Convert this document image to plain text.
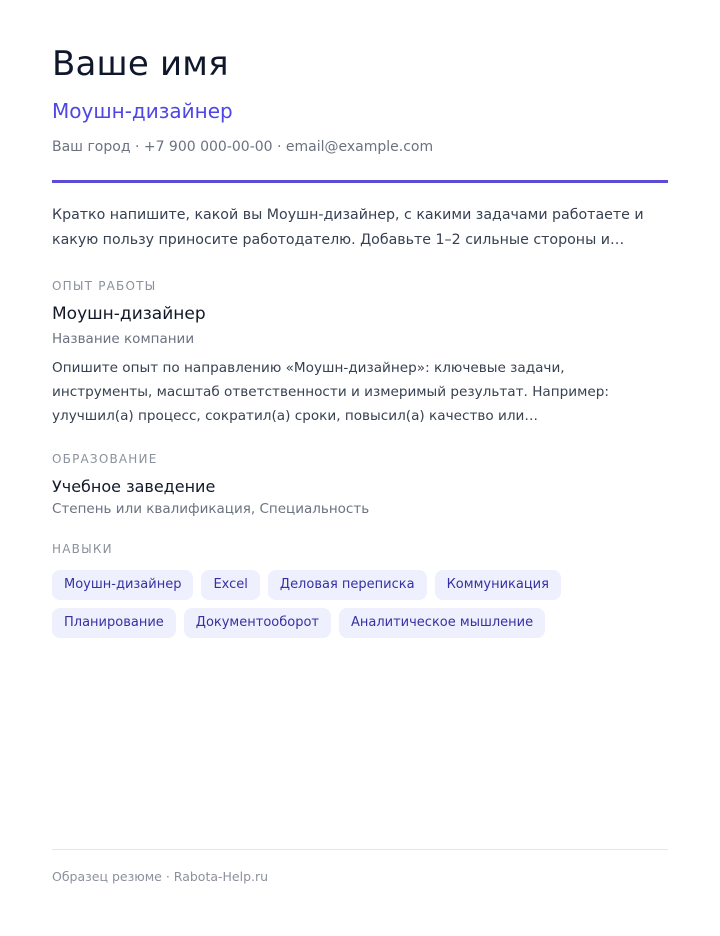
Ваше имя
Моушн-дизайнер
Ваш город · +7 900 000-00-00 · email@example.com
Кратко напишите, какой вы Моушн-дизайнер, с какими задачами работаете и какую пользу приносите работодателю. Добавьте 1–2 сильные стороны и…
ОПЫТ РАБОТЫ
Моушн-дизайнер
Название компании
Опишите опыт по направлению «Моушн-дизайнер»: ключевые задачи, инструменты, масштаб ответственности и измеримый результат. Например: улучшил(а) процесс, сократил(а) сроки, повысил(а) качество или…
ОБРАЗОВАНИЕ
Учебное заведение
Степень или квалификация, Специальность
НАВЫКИ
Моушн-дизайнер	Excel	Деловая переписка	Коммуникация
Планирование	Документооборот	Аналитическое мышление
Образец резюме · Rabota-Help.ru
